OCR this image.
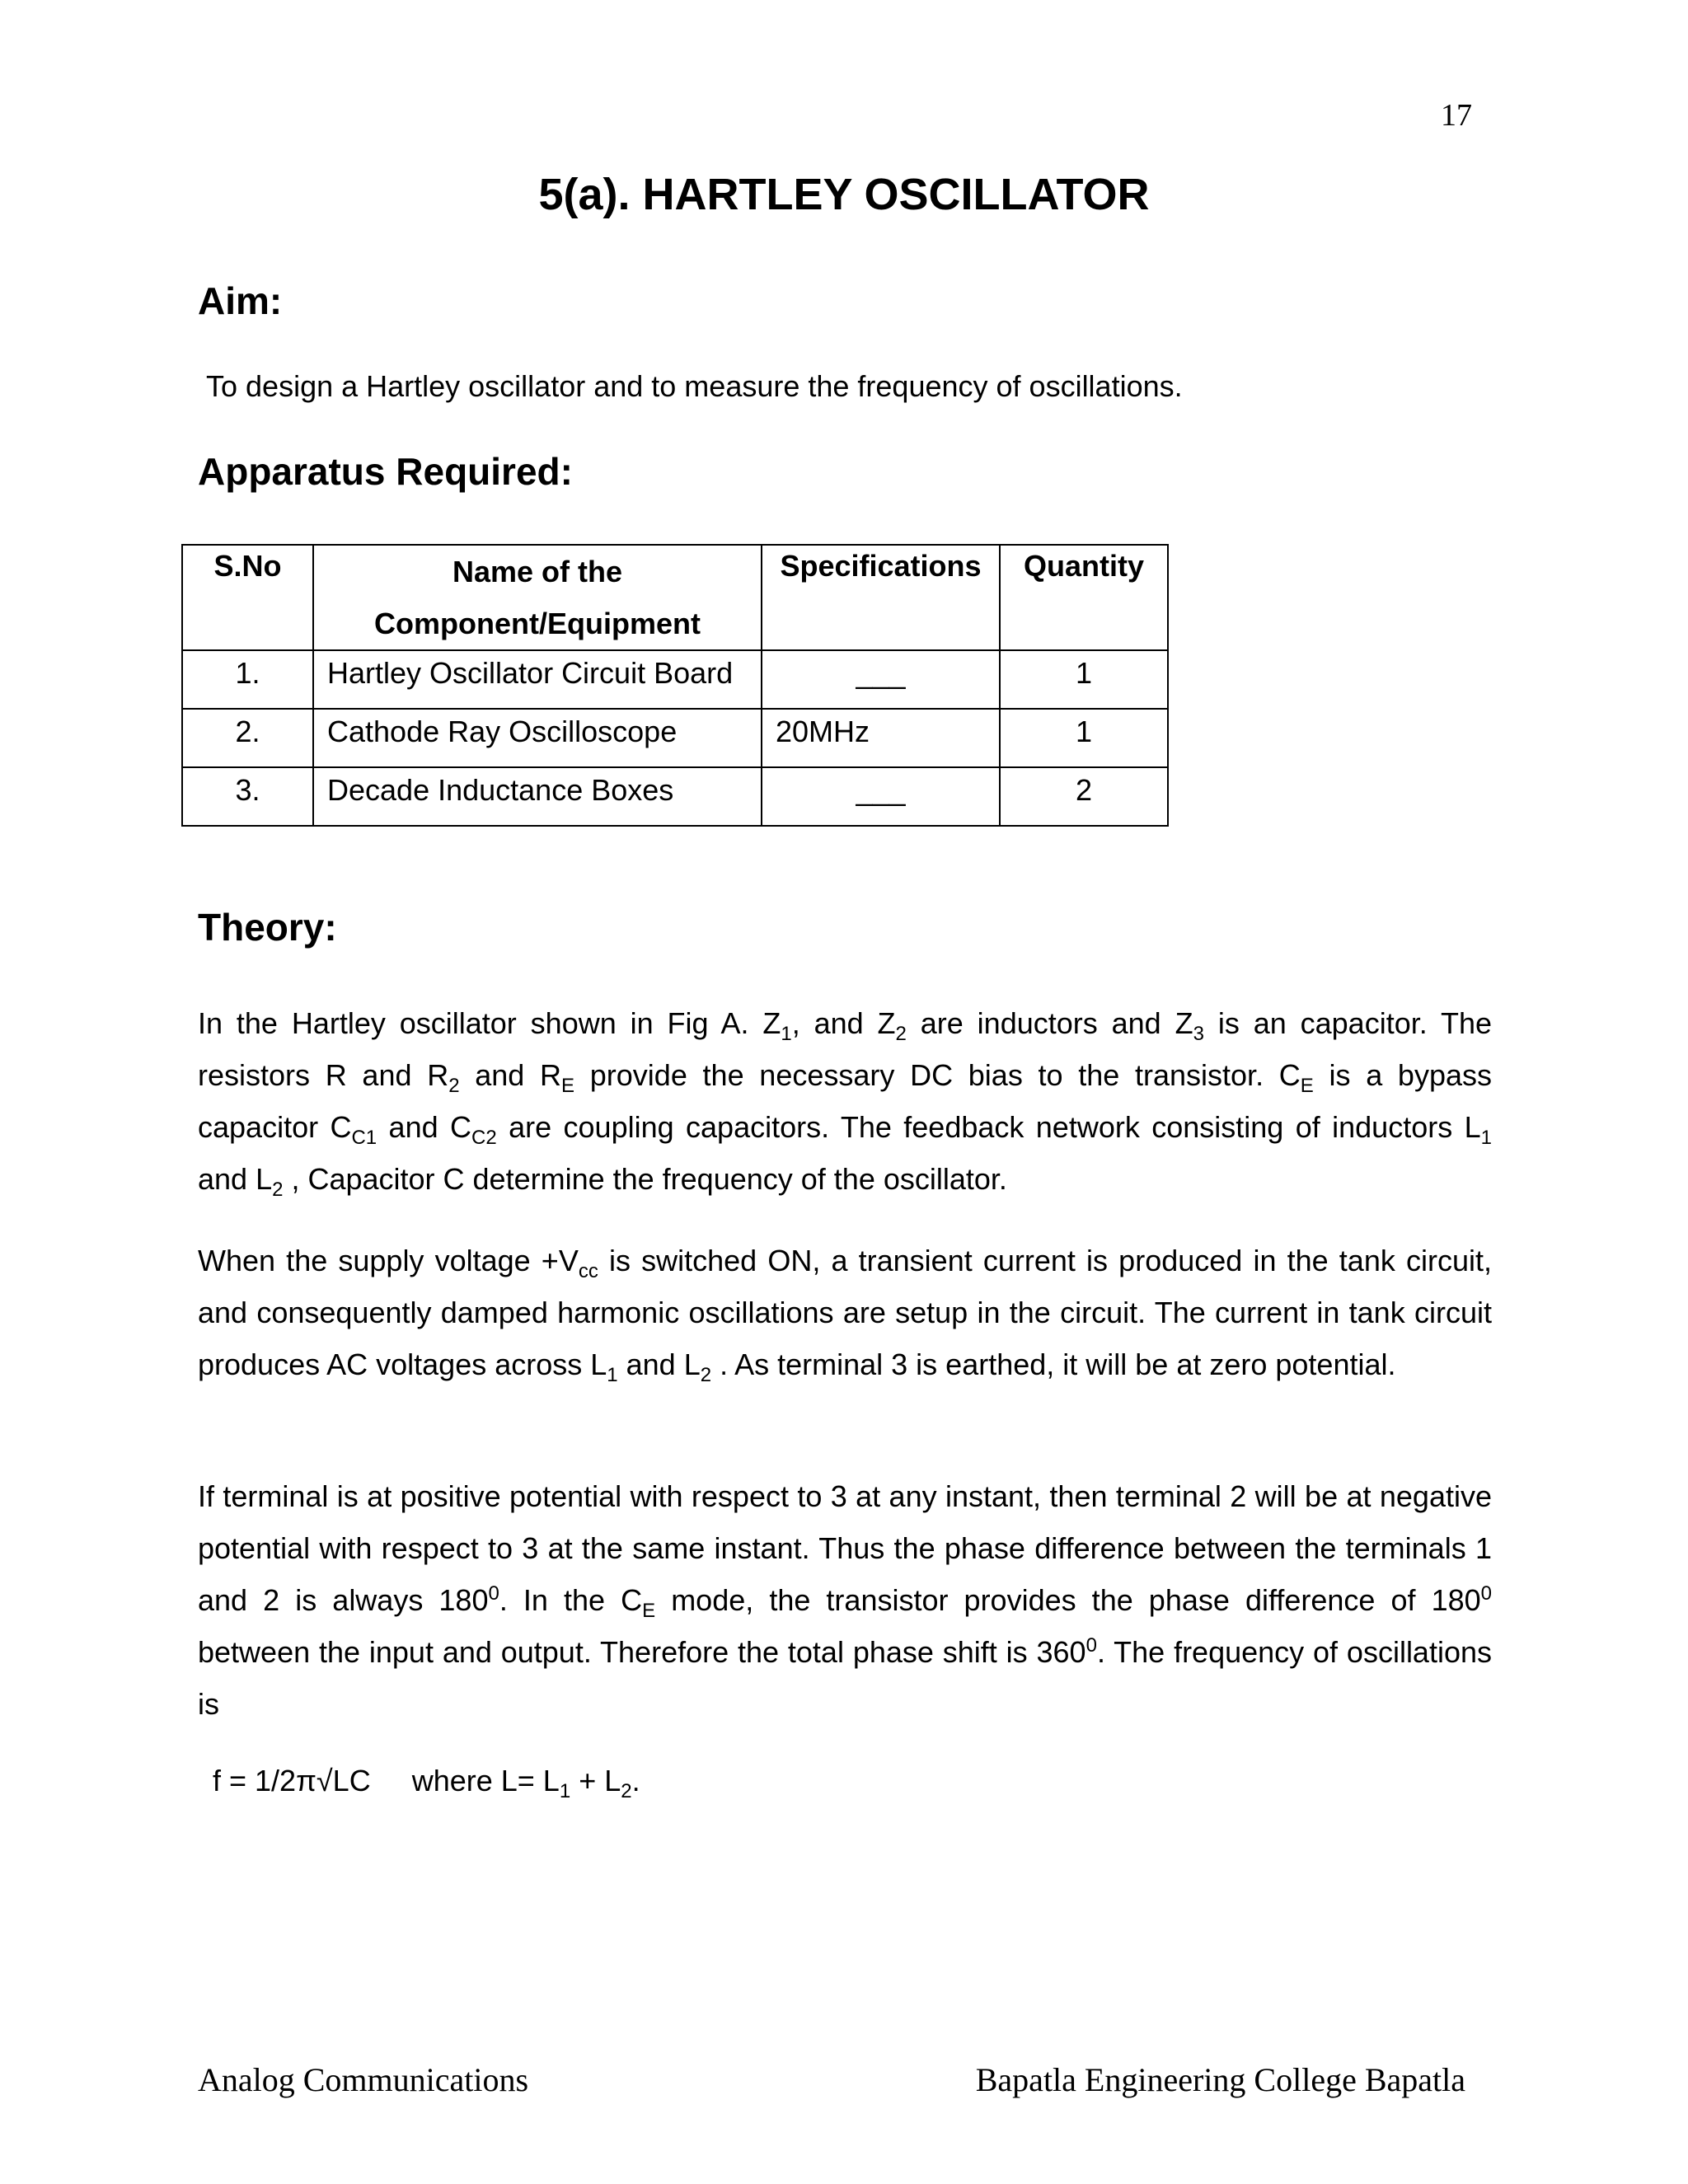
17
5(a). HARTLEY OSCILLATOR
Aim:
To design a Hartley oscillator and to measure the frequency of oscillations.
Apparatus Required:
S.No	Name of the Component/Equipment	Specifications	Quantity
1.	Hartley Oscillator Circuit Board	___	1
2.	Cathode Ray Oscilloscope	20MHz	1
3.	Decade Inductance Boxes	___	2
Theory:

In the Hartley oscillator shown in Fig A. $Z_1$, and $Z_2$ are inductors and $Z_3$ is an capacitor. The resistors R and $R_2$ and $R_E$ provide the necessary DC bias to the transistor. $C_E$ is a bypass capacitor $C_{C1}$ and $C_{C2}$ are coupling capacitors. The feedback network consisting of inductors $L_1$ and $L_2$ , Capacitor C determine the frequency of the oscillator.

When the supply voltage $+V_{cc}$ is switched ON, a transient current is produced in the tank circuit, and consequently damped harmonic oscillations are setup in the circuit. The current in tank circuit produces AC voltages across $L_1$ and $L_2$ . As terminal 3 is earthed, it will be at zero potential.

If terminal is at positive potential with respect to 3 at any instant, then terminal 2 will be at negative potential with respect to 3 at the same instant. Thus the phase difference between the terminals 1 and 2 is always $180^0$. In the $C_E$ mode, the transistor provides the phase difference of $180^0$ between the input and output. Therefore the total phase shift is $360^0$. The frequency of oscillations is

f = 1/2π√LC where $L= L_1 + L_2$.
Analog Communications	Bapatla Engineering College Bapatla
